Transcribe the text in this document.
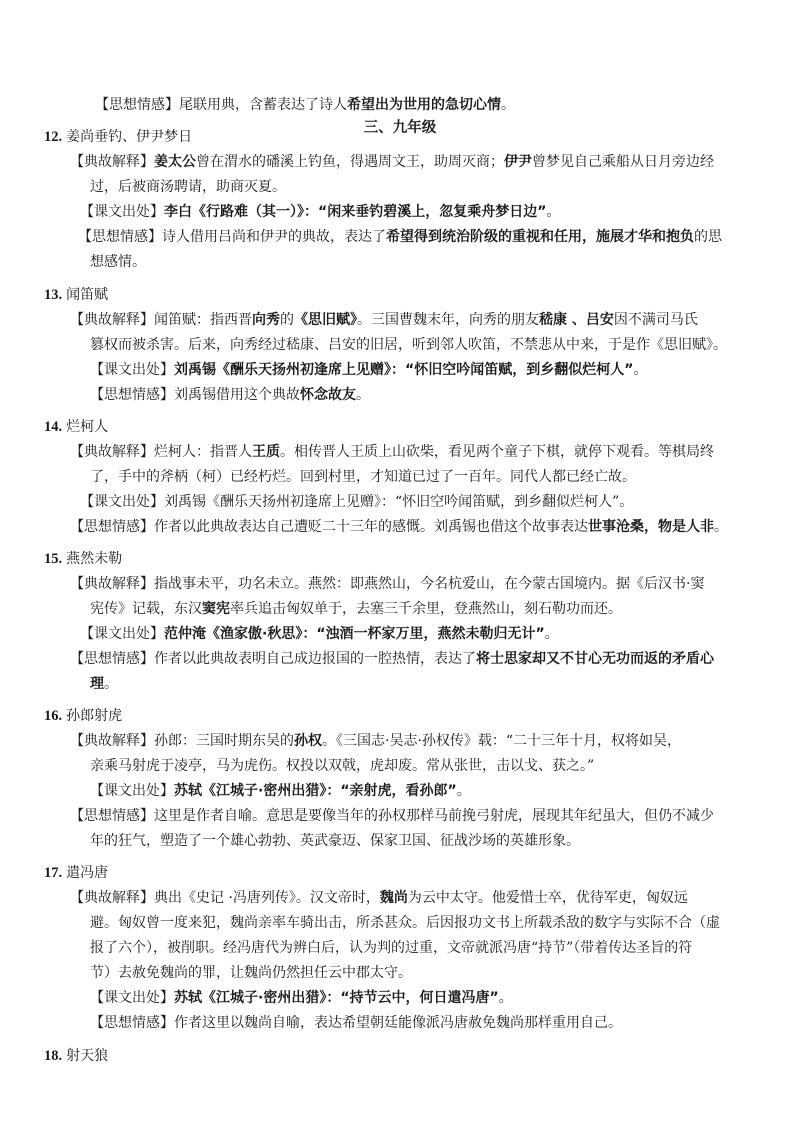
三、九年级
12. 姜尚垂钓、伊尹梦日
13. 闻笛赋
14. 烂柯人
15. 燕然未勒
16. 孙郎射虎
17. 遣冯唐
18. 射天狼
【思想情感】尾联用典，含蓄表达了诗人希望出为世用的急切心情。
【典故解释】姜太公曾在渭水的磻溪上钓鱼，得遇周文王，助周灭商；伊尹曾梦见自己乘船从日月旁边经
过，后被商汤聘请，助商灭夏。
【课文出处】李白《行路难（其一）》：“闲来垂钓碧溪上，忽复乘舟梦日边”。
【思想情感】诗人借用吕尚和伊尹的典故，表达了希望得到统治阶级的重视和任用，施展才华和抱负的思
想感情。
【典故解释】闻笛赋：指西晋向秀的《思旧赋》。三国曹魏末年，向秀的朋友嵇康 、吕安因不满司马氏
篡权而被杀害。后来，向秀经过嵇康、吕安的旧居，听到邻人吹笛，不禁悲从中来，于是作《思旧赋》。
【课文出处】刘禹锡《酬乐天扬州初逢席上见赠》：“怀旧空吟闻笛赋，到乡翻似烂柯人”。
【思想情感】刘禹锡借用这个典故怀念故友。
【典故解释】烂柯人：指晋人王质。相传晋人王质上山砍柴，看见两个童子下棋，就停下观看。等棋局终
了，手中的斧柄（柯）已经朽烂。回到村里，才知道已过了一百年。同代人都已经亡故。
【课文出处】刘禹锡《酬乐天扬州初逢席上见赠》：“怀旧空吟闻笛赋，到乡翻似烂柯人”。
【思想情感】作者以此典故表达自己遭贬二十三年的感慨。刘禹锡也借这个故事表达世事沧桑，物是人非。
【典故解释】指战事未平，功名未立。燕然：即燕然山，今名杭爱山，在今蒙古国境内。据《后汉书·窦
宪传》记载，东汉窦宪率兵追击匈奴单于，去塞三千余里，登燕然山，刻石勒功而还。
【课文出处】范仲淹《渔家傲·秋思》：“浊酒一杯家万里，燕然未勒归无计”。
【思想情感】作者以此典故表明自己成边报国的一腔热情，表达了将士思家却又不甘心无功而返的矛盾心
理。
【典故解释】孙郎：三国时期东吴的孙权。《三国志·吴志·孙权传》载：“二十三年十月，权将如吴，
亲乘马射虎于凌亭，马为虎伤。权投以双戟，虎却废。常从张世，击以戈、获之。”
【课文出处】苏轼《江城子·密州出猎》：“亲射虎，看孙郎”。
【思想情感】这里是作者自喻。意思是要像当年的孙权那样马前挽弓射虎，展现其年纪虽大，但仍不减少
年的狂气，塑造了一个雄心勃勃、英武豪迈、保家卫国、征战沙场的英雄形象。
【典故解释】典出《史记 ·冯唐列传》。汉文帝时，魏尚为云中太守。他爱惜士卒，优待军吏，匈奴远
避。匈奴曾一度来犯，魏尚亲率车骑出击，所杀甚众。后因报功文书上所载杀敌的数字与实际不合（虚
报了六个），被削职。经冯唐代为辨白后，认为判的过重，文帝就派冯唐“持节”（带着传达圣旨的符
节）去赦免魏尚的罪，让魏尚仍然担任云中郡太守。
【课文出处】苏轼《江城子·密州出猎》：“持节云中，何日遣冯唐”。
【思想情感】作者这里以魏尚自喻，表达希望朝廷能像派冯唐赦免魏尚那样重用自己。
